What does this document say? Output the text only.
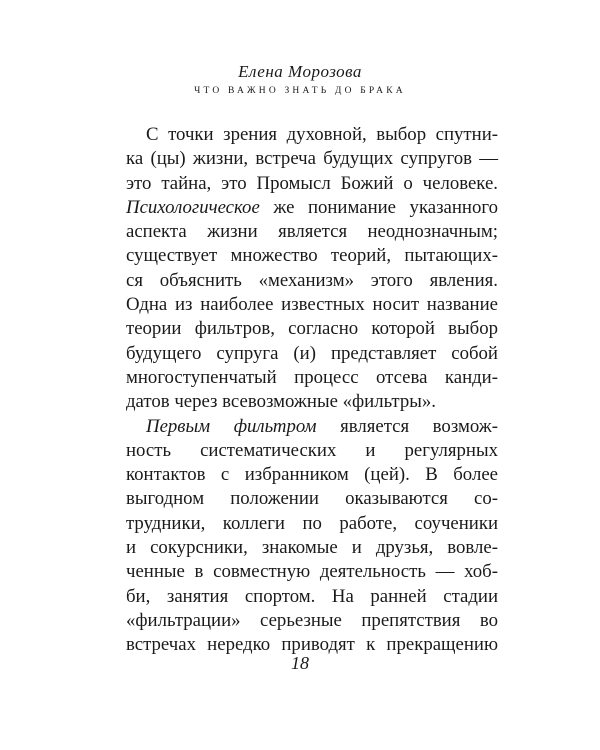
Елена Морозова
ЧТО ВАЖНО ЗНАТЬ ДО БРАКА
С точки зрения духовной, выбор спутни-
ка (цы) жизни, встреча будущих супругов —
это тайна, это Промысл Божий о человеке.
Психологическое же понимание указанного
аспекта жизни является неоднозначным;
существует множество теорий, пытающих-
ся объяснить «механизм» этого явления.
Одна из наиболее известных носит название
теории фильтров, согласно которой выбор
будущего супруга (и) представляет собой
многоступенчатый процесс отсева канди-
датов через всевозможные «фильтры».
Первым фильтром является возмож-
ность систематических и регулярных
контактов с избранником (цей). В более
выгодном положении оказываются со-
трудники, коллеги по работе, соученики
и сокурсники, знакомые и друзья, вовле-
ченные в совместную деятельность — хоб-
би, занятия спортом. На ранней стадии
«фильтрации» серьезные препятствия во
встречах нередко приводят к прекращению
18
